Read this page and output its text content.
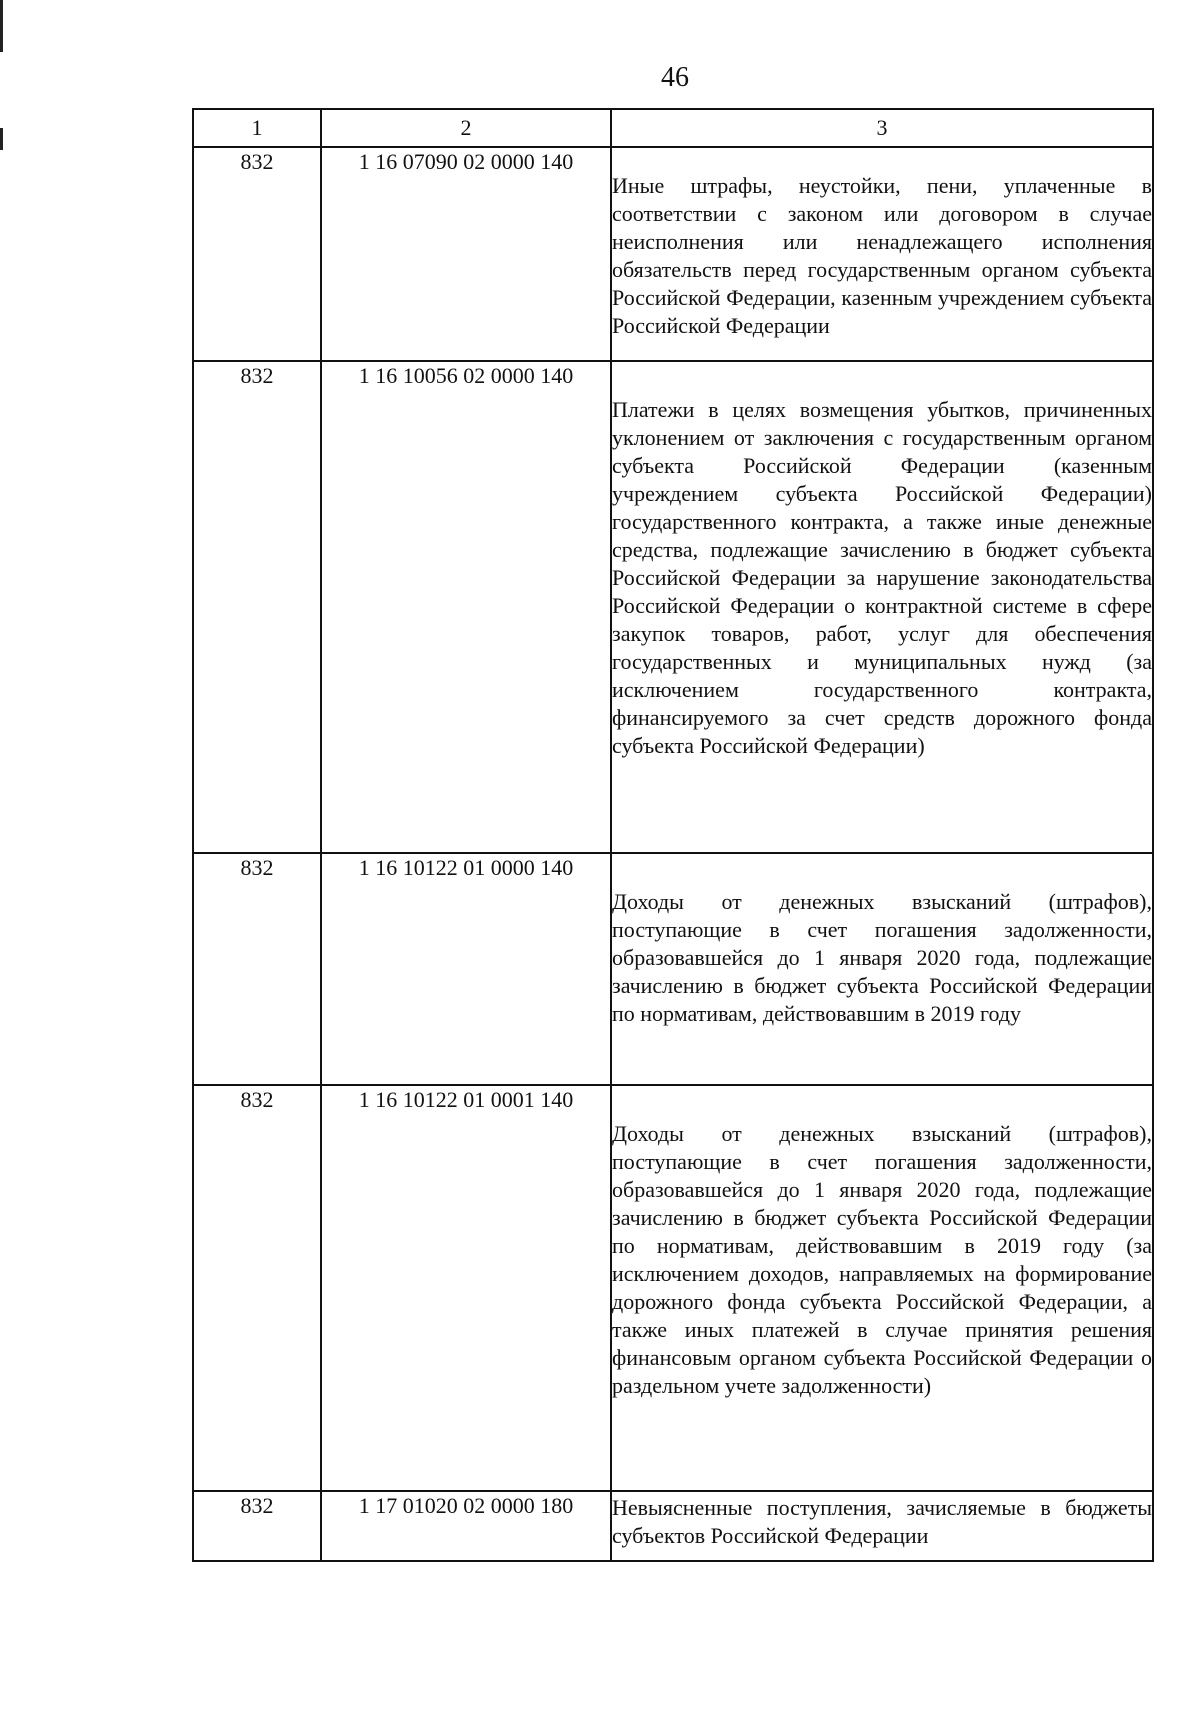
46
1	2	3
832	1 16 07090 02 0000 140	Иные штрафы, неустойки, пени, уплаченные в соответствии с законом или договором в случае неисполнения или ненадлежащего исполнения обязательств перед государственным органом субъекта Российской Федерации, казенным учреждением субъекта Российской Федерации

832	1 16 10056 02 0000 140	Платежи в целях возмещения убытков, причиненных уклонением от заключения с государственным органом субъекта Российской Федерации (казенным учреждением субъекта Российской Федерации) государственного контракта, а также иные денежные средства, подлежащие зачислению в бюджет субъекта Российской Федерации за нарушение законодательства Российской Федерации о контрактной системе в сфере закупок товаров, работ, услуг для обеспечения государственных и муниципальных нужд (за исключением государственного контракта, финансируемого за счет средств дорожного фонда субъекта Российской Федерации)

832	1 16 10122 01 0000 140	Доходы от денежных взысканий (штрафов), поступающие в счет погашения задолженности, образовавшейся до 1 января 2020 года, подлежащие зачислению в бюджет субъекта Российской Федерации по нормативам, действовавшим в 2019 году

832	1 16 10122 01 0001 140	Доходы от денежных взысканий (штрафов), поступающие в счет погашения задолженности, образовавшейся до 1 января 2020 года, подлежащие зачислению в бюджет субъекта Российской Федерации по нормативам, действовавшим в 2019 году (за исключением доходов, направляемых на формирование дорожного фонда субъекта Российской Федерации, а также иных платежей в случае принятия решения финансовым органом субъекта Российской Федерации о раздельном учете задолженности)

832	1 17 01020 02 0000 180	Невыясненные поступления, зачисляемые в бюджеты субъектов Российской Федерации
